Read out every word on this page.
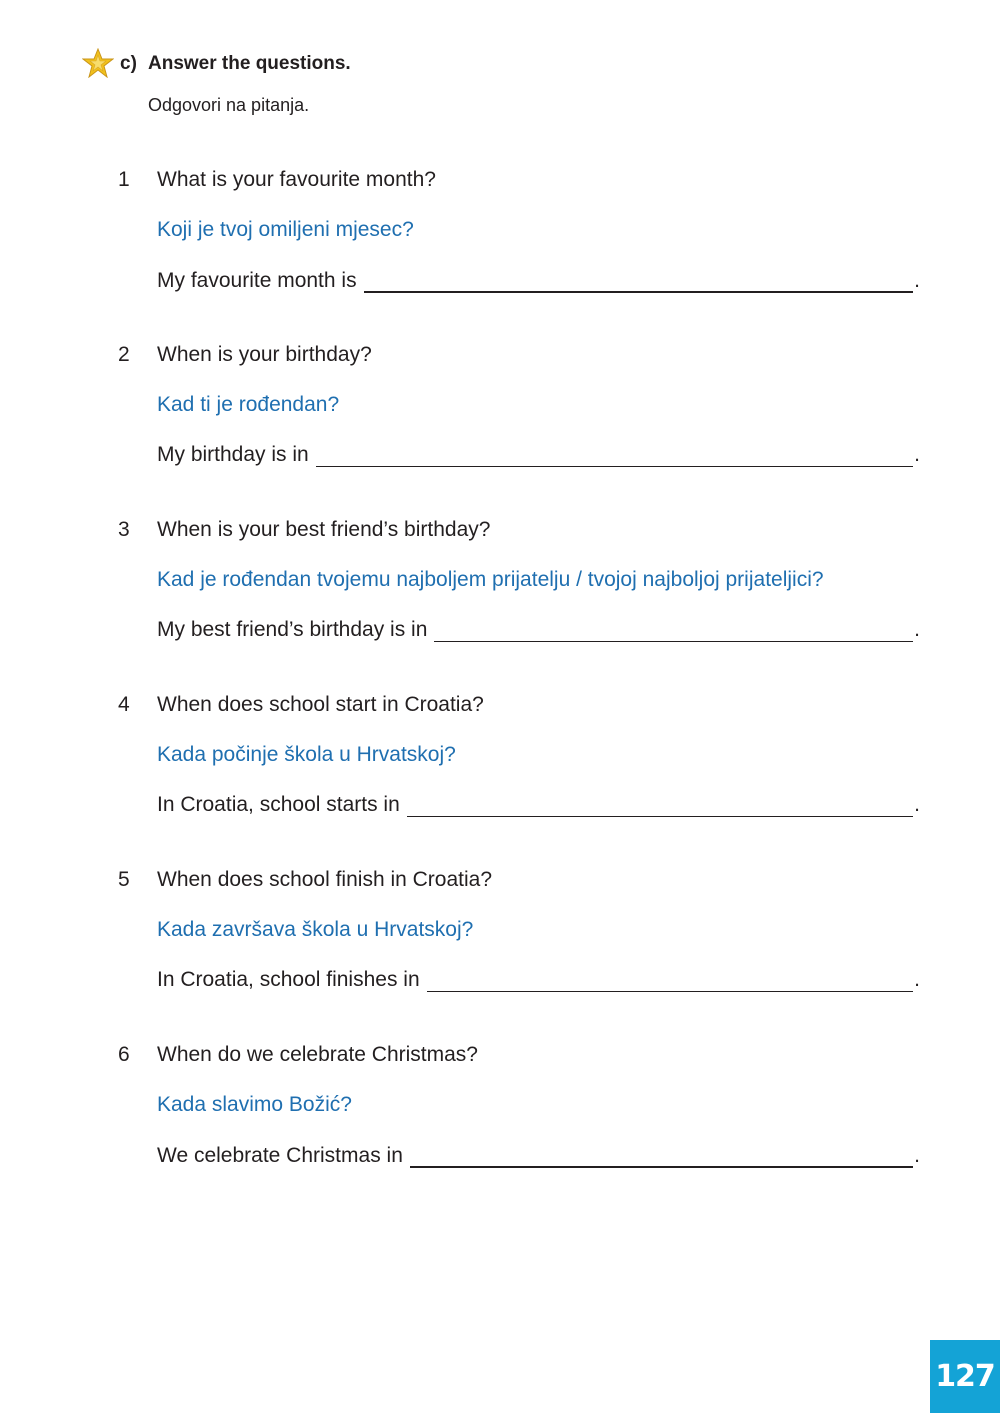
c) Answer the questions.
Odgovori na pitanja.
1 What is your favourite month?
Koji je tvoj omiljeni mjesec?
My favourite month is	.
2 When is your birthday?
Kad ti je rođendan?
My birthday is in	.
3 When is your best friend’s birthday?
Kad je rođendan tvojemu najboljem prijatelju / tvojoj najboljoj prijateljici?
My best friend’s birthday is in	.
4 When does school start in Croatia?
Kada počinje škola u Hrvatskoj?
In Croatia, school starts in	.
5 When does school finish in Croatia?
Kada završava škola u Hrvatskoj?
In Croatia, school finishes in	.
6 When do we celebrate Christmas?
Kada slavimo Božić?
We celebrate Christmas in	.
127
